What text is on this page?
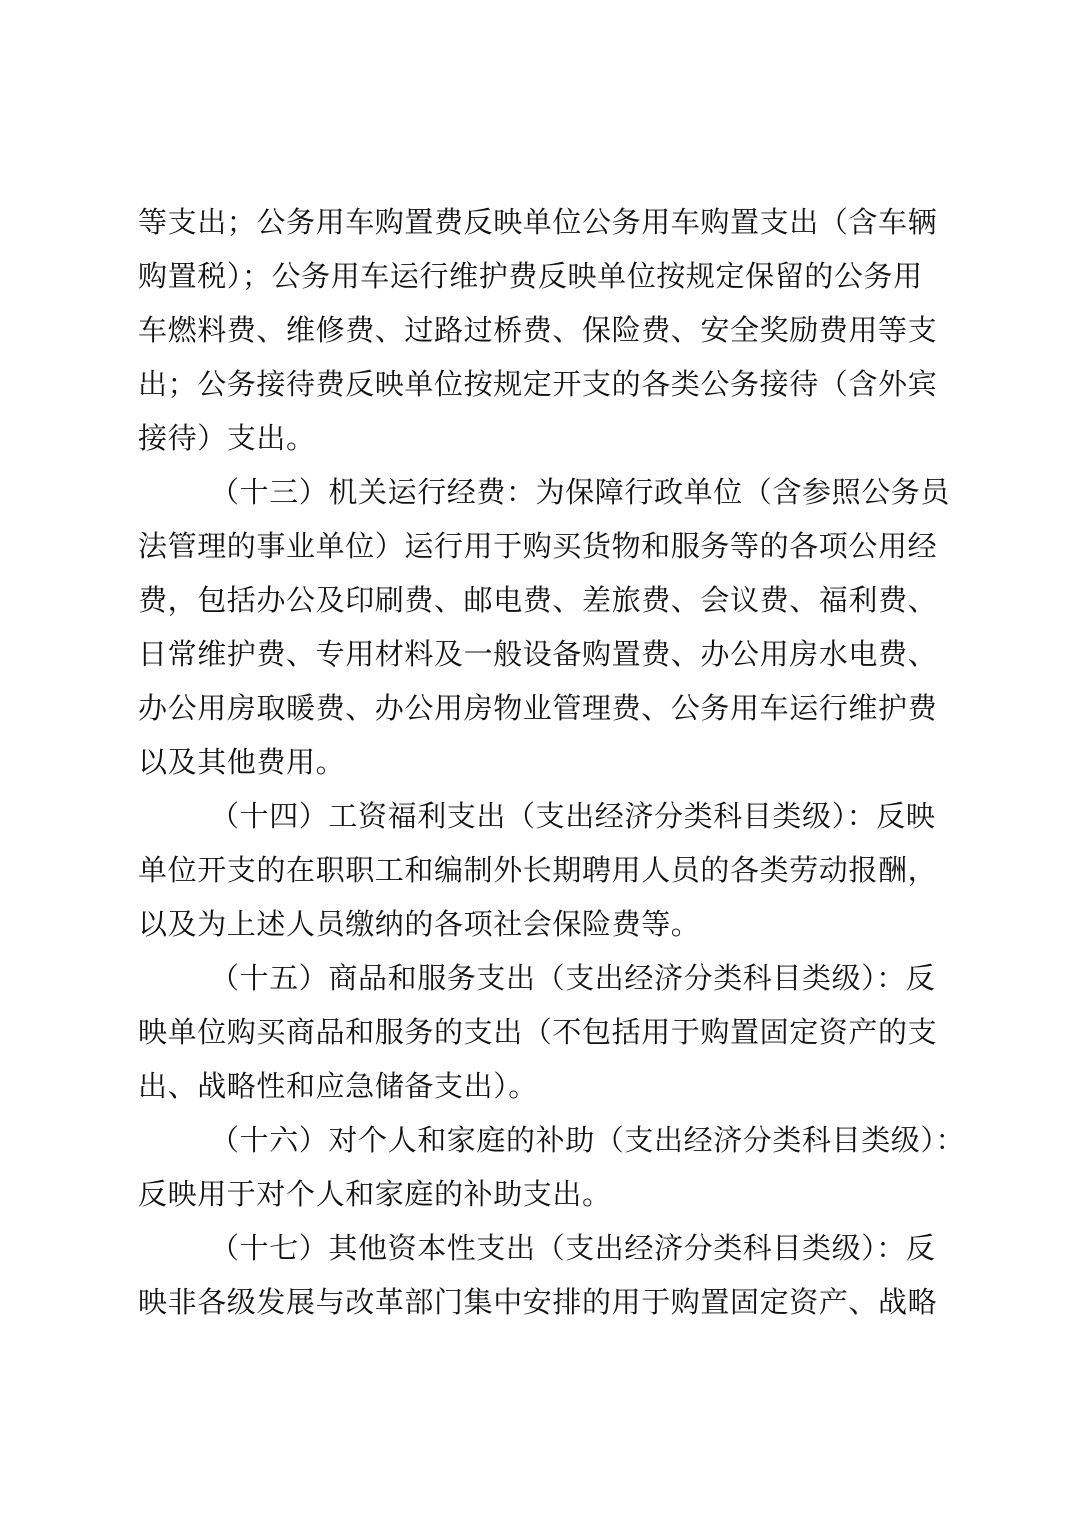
等支出；公务用车购置费反映单位公务用车购置支出（含车辆
购置税）；公务用车运行维护费反映单位按规定保留的公务用
车燃料费、维修费、过路过桥费、保险费、安全奖励费用等支
出；公务接待费反映单位按规定开支的各类公务接待（含外宾
接待）支出。
（十三）机关运行经费：为保障行政单位（含参照公务员
法管理的事业单位）运行用于购买货物和服务等的各项公用经
费，包括办公及印刷费、邮电费、差旅费、会议费、福利费、
日常维护费、专用材料及一般设备购置费、办公用房水电费、
办公用房取暖费、办公用房物业管理费、公务用车运行维护费
以及其他费用。
（十四）工资福利支出（支出经济分类科目类级）：反映
单位开支的在职职工和编制外长期聘用人员的各类劳动报酬，
以及为上述人员缴纳的各项社会保险费等。
（十五）商品和服务支出（支出经济分类科目类级）：反
映单位购买商品和服务的支出（不包括用于购置固定资产的支
出、战略性和应急储备支出）。
（十六）对个人和家庭的补助（支出经济分类科目类级）：
反映用于对个人和家庭的补助支出。
（十七）其他资本性支出（支出经济分类科目类级）：反
映非各级发展与改革部门集中安排的用于购置固定资产、战略
